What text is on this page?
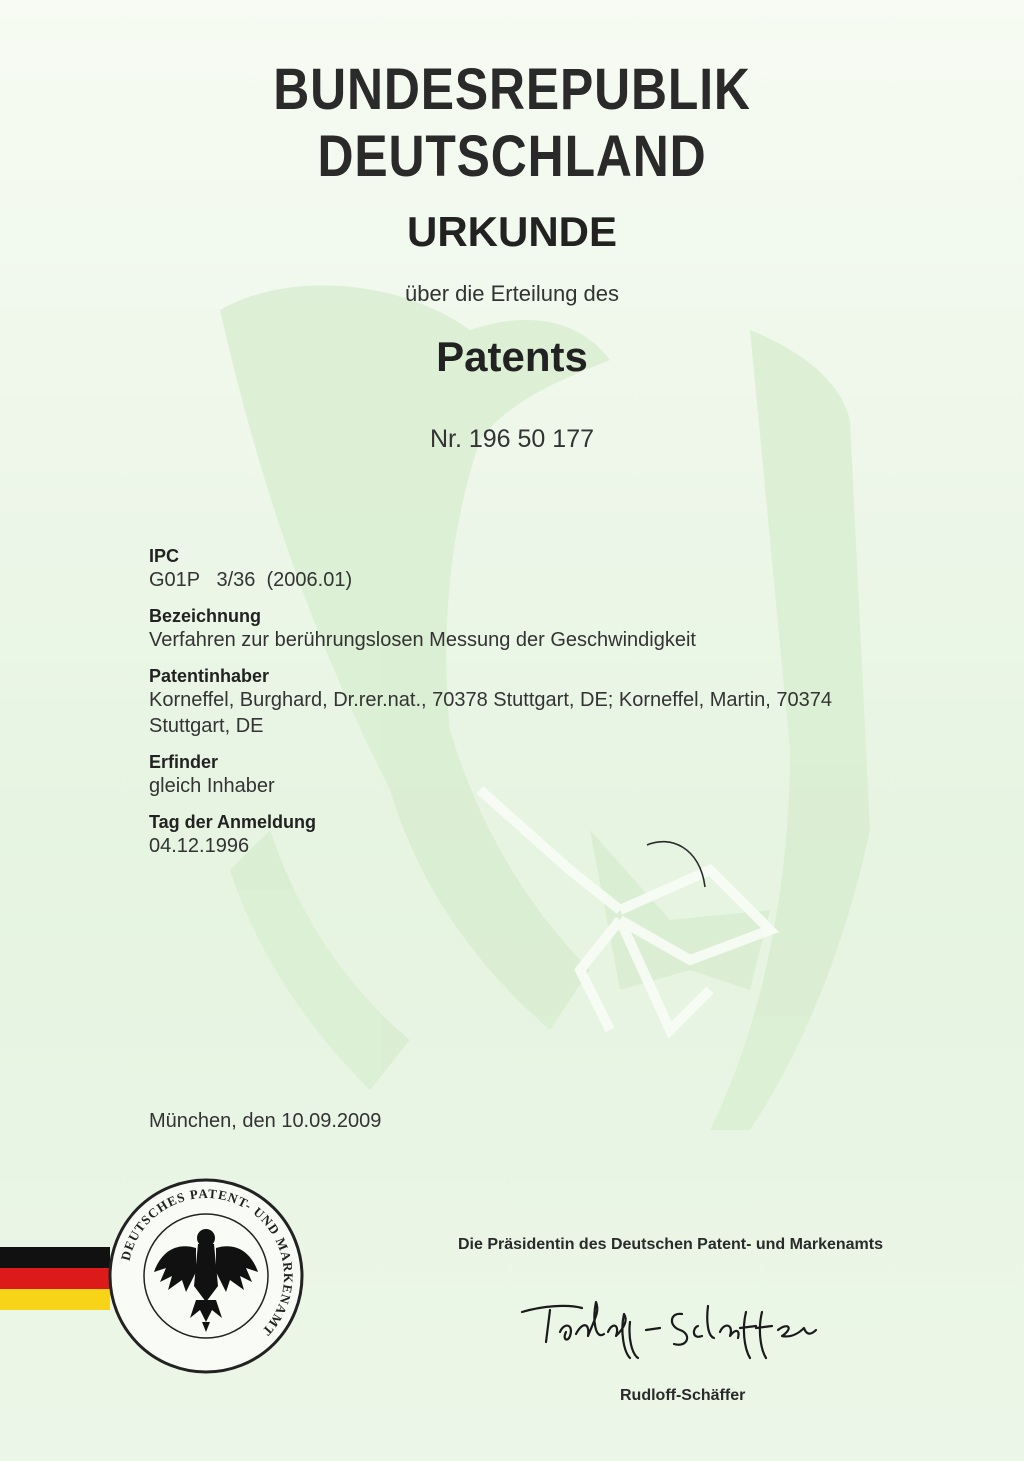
BUNDESREPUBLIK DEUTSCHLAND
URKUNDE
über die Erteilung des
Patents
Nr. 196 50 177
IPC
G01P   3/36  (2006.01)
Bezeichnung
Verfahren zur berührungslosen Messung der Geschwindigkeit
Patentinhaber
Korneffel, Burghard, Dr.rer.nat., 70378 Stuttgart, DE; Korneffel, Martin, 70374 Stuttgart, DE
Erfinder
gleich Inhaber
Tag der Anmeldung
04.12.1996
München, den 10.09.2009
DEUTSCHES PATENT- UND MARKENAMT
Die Präsidentin des Deutschen Patent- und Markenamts
Rudloff-Schäffer
